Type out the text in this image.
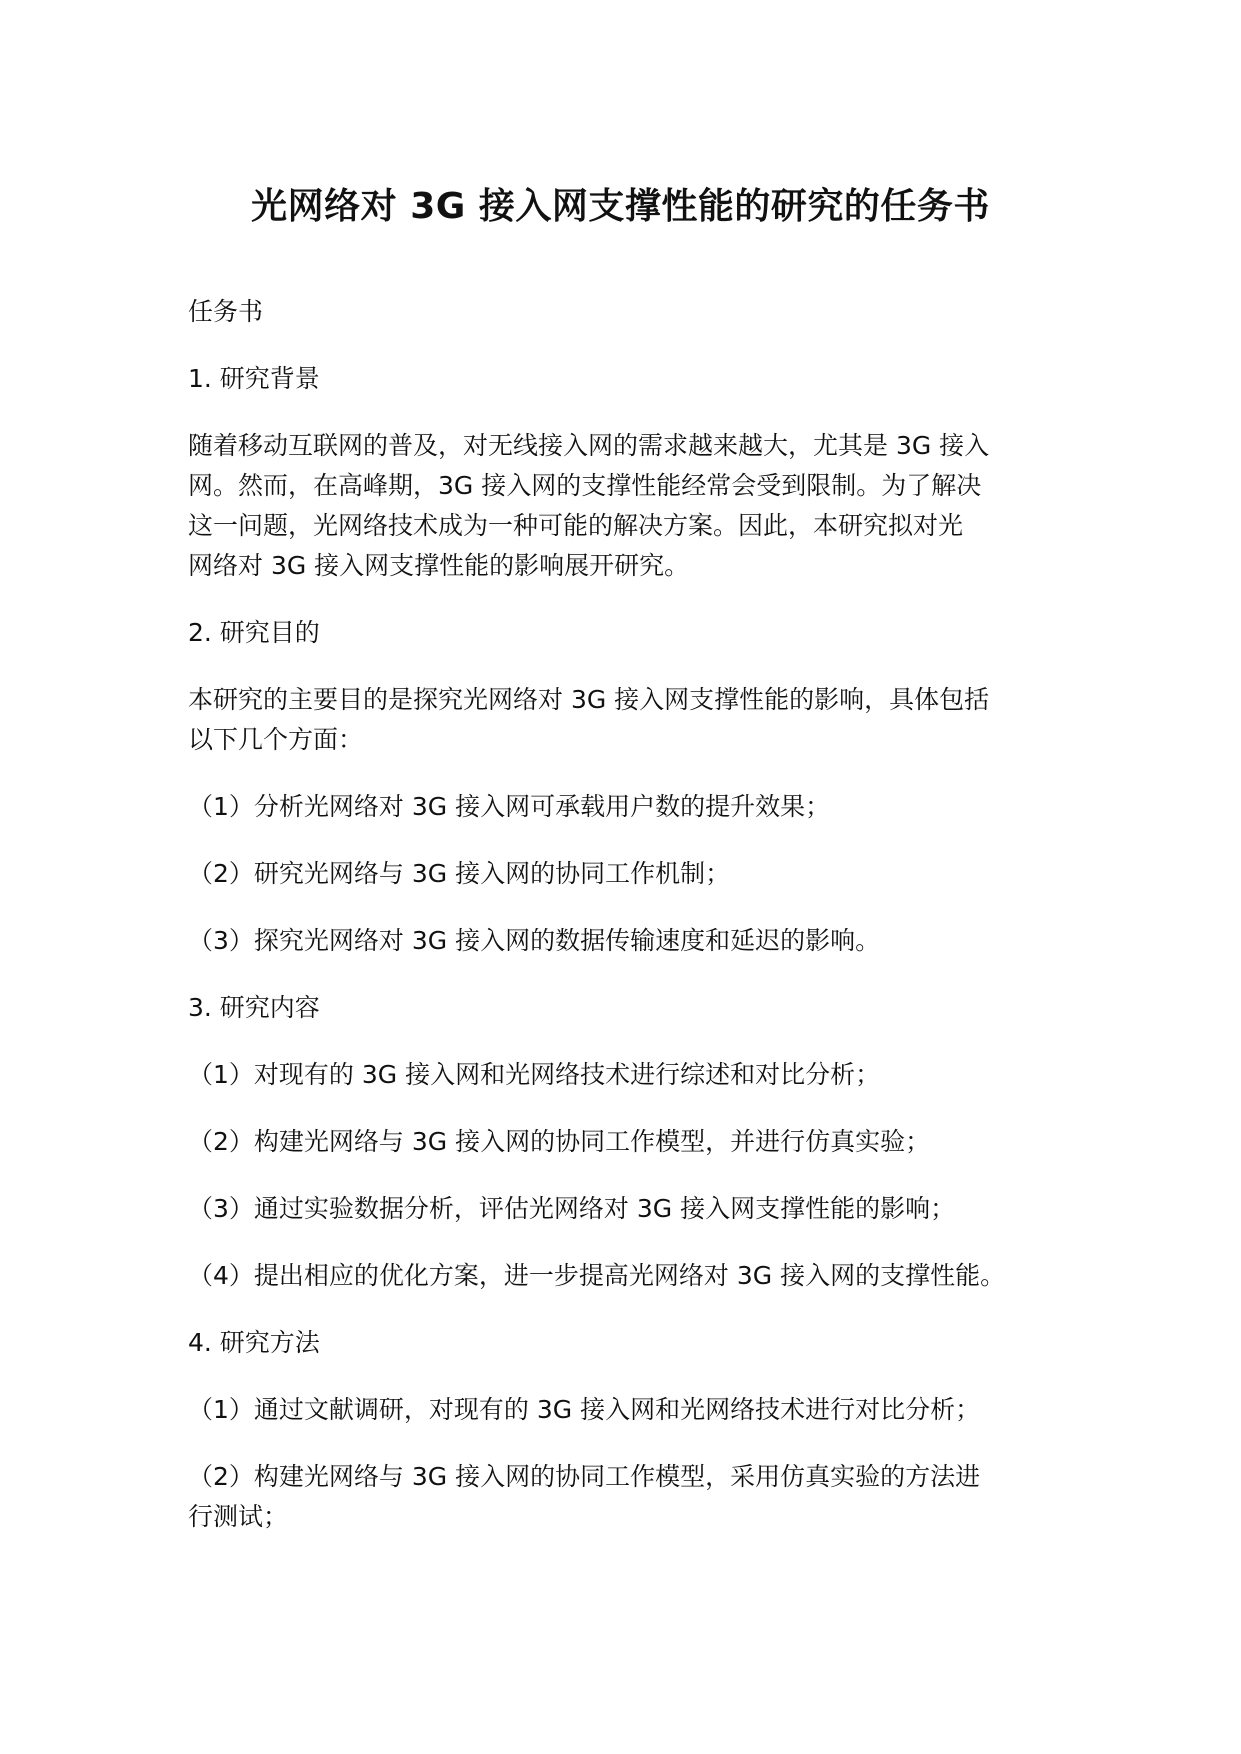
光网络对 3G 接入网支撑性能的研究的任务书

任务书

1. 研究背景

随着移动互联网的普及，对无线接入网的需求越来越大，尤其是 3G 接入
网。然而，在高峰期，3G 接入网的支撑性能经常会受到限制。为了解决
这一问题，光网络技术成为一种可能的解决方案。因此，本研究拟对光
网络对 3G 接入网支撑性能的影响展开研究。

2. 研究目的

本研究的主要目的是探究光网络对 3G 接入网支撑性能的影响，具体包括
以下几个方面：

（1）分析光网络对 3G 接入网可承载用户数的提升效果；

（2）研究光网络与 3G 接入网的协同工作机制；

（3）探究光网络对 3G 接入网的数据传输速度和延迟的影响。

3. 研究内容

（1）对现有的 3G 接入网和光网络技术进行综述和对比分析；

（2）构建光网络与 3G 接入网的协同工作模型，并进行仿真实验；

（3）通过实验数据分析，评估光网络对 3G 接入网支撑性能的影响；

（4）提出相应的优化方案，进一步提高光网络对 3G 接入网的支撑性能。

4. 研究方法

（1）通过文献调研，对现有的 3G 接入网和光网络技术进行对比分析；

（2）构建光网络与 3G 接入网的协同工作模型，采用仿真实验的方法进
行测试；
